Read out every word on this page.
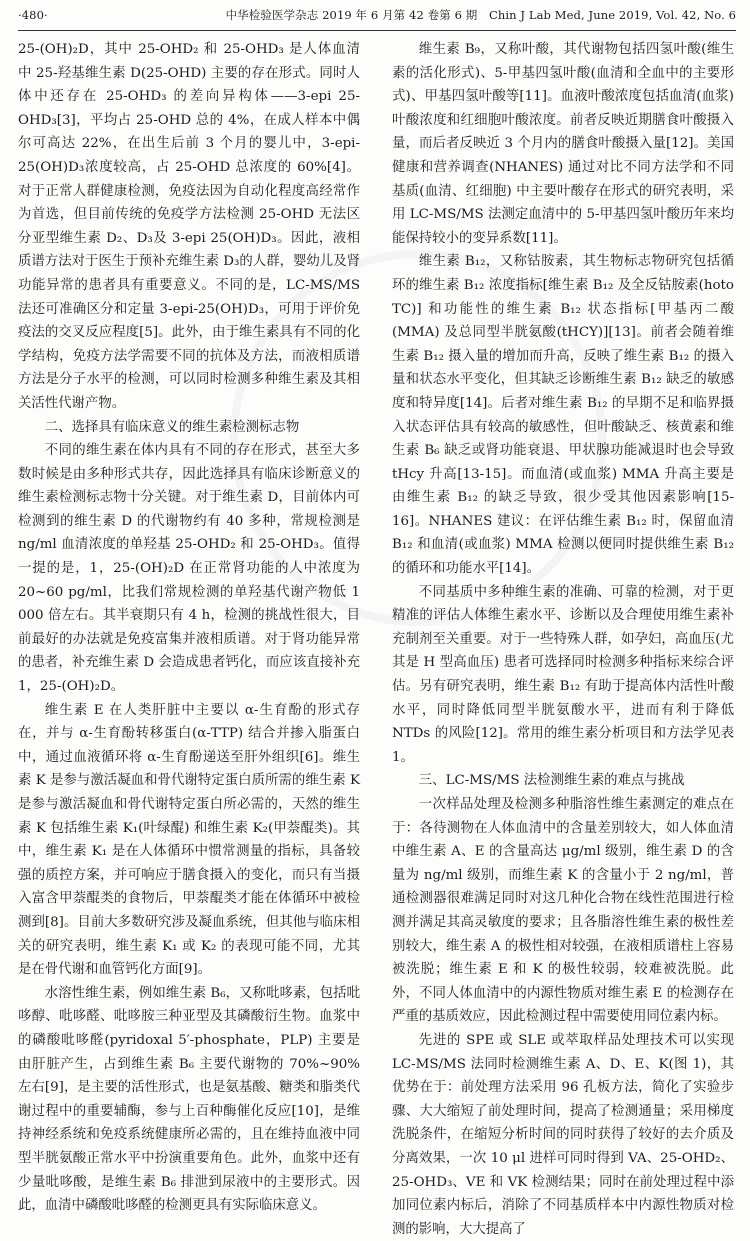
·480·	中华检验医学杂志 2019 年 6 月第 42 卷第 6 期　Chin J Lab Med, June 2019, Vol. 42, No. 6

25-(OH)₂D，其中 25-OHD₂ 和 25-OHD₃ 是人体血清中 25-羟基维生素 D(25-OHD) 主要的存在形式。同时人体中还存在 25-OHD₃ 的差向异构体——3-epi 25-OHD₃[3]，平均占 25-OHD 总的 4%，在成人样本中偶尔可高达 22%，在出生后前 3 个月的婴儿中，3-epi-25(OH)D₃浓度较高，占 25-OHD 总浓度的 60%[4]。对于正常人群健康检测，免疫法因为自动化程度高经常作为首选，但目前传统的免疫学方法检测 25-OHD 无法区分亚型维生素 D₂、D₃及 3-epi 25(OH)D₃。因此，液相质谱方法对于医生于预补充维生素 D₃的人群，婴幼儿及肾功能异常的患者具有重要意义。不同的是，LC-MS/MS 法还可准确区分和定量 3-epi-25(OH)D₃，可用于评价免疫法的交叉反应程度[5]。此外，由于维生素具有不同的化学结构，免疫方法学需要不同的抗体及方法，而液相质谱方法是分子水平的检测，可以同时检测多种维生素及其相关活性代谢产物。

二、选择具有临床意义的维生素检测标志物

不同的维生素在体内具有不同的存在形式，甚至大多数时候是由多种形式共存，因此选择具有临床诊断意义的维生素检测标志物十分关键。对于维生素 D，目前体内可检测到的维生素 D 的代谢物约有 40 多种，常规检测是 ng/ml 血清浓度的单羟基 25-OHD₂ 和 25-OHD₃。值得一提的是，1，25-(OH)₂D 在正常肾功能的人中浓度为 20~60 pg/ml，比我们常规检测的单羟基代谢产物低 1 000 倍左右。其半衰期只有 4 h，检测的挑战性很大，目前最好的办法就是免疫富集并液相质谱。对于肾功能异常的患者，补充维生素 D 会造成患者钙化，而应该直接补充 1，25-(OH)₂D。

维生素 E 在人类肝脏中主要以 α-生育酚的形式存在，并与 α-生育酚转移蛋白(α-TTP) 结合并掺入脂蛋白中，通过血液循环将 α-生育酚递送至肝外组织[6]。维生素 K 是参与激活凝血和骨代谢特定蛋白质所需的维生素 K 是参与激活凝血和骨代谢特定蛋白所必需的，天然的维生素 K 包括维生素 K₁(叶绿醌) 和维生素 K₂(甲萘醌类)。其中，维生素 K₁ 是在人体循环中惯常测量的指标，具备较强的质控方案，并可响应于膳食摄入的变化，而只有当摄入富含甲萘醌类的食物后，甲萘醌类才能在体循环中被检测到[8]。目前大多数研究涉及凝血系统，但其他与临床相关的研究表明，维生素 K₁ 或 K₂ 的表现可能不同，尤其是在骨代谢和血管钙化方面[9]。

水溶性维生素，例如维生素 B₆，又称吡哆素，包括吡哆醇、吡哆醛、吡哆胺三种亚型及其磷酸衍生物。血浆中的磷酸吡哆醛(pyridoxal 5′-phosphate，PLP) 主要是由肝脏产生，占到维生素 B₆ 主要代谢物的 70%~90% 左右[9]，是主要的活性形式，也是氨基酸、糖类和脂类代谢过程中的重要辅酶，参与上百种酶催化反应[10]，是维持神经系统和免疫系统健康所必需的，且在维持血液中同型半胱氨酸正常水平中扮演重要角色。此外，血浆中还有少量吡哆酸，是维生素 B₆ 排泄到尿液中的主要形式。因此，血清中磷酸吡哆醛的检测更具有实际临床意义。

维生素 B₉，又称叶酸，其代谢物包括四氢叶酸(维生素的活化形式)、5-甲基四氢叶酸(血清和全血中的主要形式)、甲基四氢叶酸等[11]。血液叶酸浓度包括血清(血浆)叶酸浓度和红细胞叶酸浓度。前者反映近期膳食叶酸摄入量，而后者反映近 3 个月内的膳食叶酸摄入量[12]。美国健康和营养调查(NHANES) 通过对比不同方法学和不同基质(血清、红细胞) 中主要叶酸存在形式的研究表明，采用 LC-MS/MS 法测定血清中的 5-甲基四氢叶酸历年来均能保持较小的变异系数[11]。

维生素 B₁₂，又称钴胺素，其生物标志物研究包括循环的维生素 B₁₂ 浓度指标[维生素 B₁₂ 及全反钴胺素(hoto TC)] 和功能性的维生素 B₁₂ 状态指标[甲基丙二酸(MMA) 及总同型半胱氨酸(tHCY)][13]。前者会随着维生素 B₁₂ 摄入量的增加而升高，反映了维生素 B₁₂ 的摄入量和状态水平变化，但其缺乏诊断维生素 B₁₂ 缺乏的敏感度和特异度[14]。后者对维生素 B₁₂ 的早期不足和临界摄入状态评估具有较高的敏感性，但叶酸缺乏、核黄素和维生素 B₆ 缺乏或肾功能衰退、甲状腺功能减退时也会导致 tHcy 升高[13-15]。而血清(或血浆) MMA 升高主要是由维生素 B₁₂ 的缺乏导致，很少受其他因素影响[15-16]。NHANES 建议：在评估维生素 B₁₂ 时，保留血清 B₁₂ 和血清(或血浆) MMA 检测以便同时提供维生素 B₁₂ 的循环和功能水平[14]。

不同基质中多种维生素的准确、可靠的检测，对于更精准的评估人体维生素水平、诊断以及合理使用维生素补充制剂至关重要。对于一些特殊人群，如孕妇，高血压(尤其是 H 型高血压) 患者可选择同时检测多种指标来综合评估。另有研究表明，维生素 B₁₂ 有助于提高体内活性叶酸水平，同时降低同型半胱氨酸水平，进而有利于降低 NTDs 的风险[12]。常用的维生素分析项目和方法学见表 1。

三、LC-MS/MS 法检测维生素的难点与挑战

一次样品处理及检测多种脂溶性维生素测定的难点在于：各待测物在人体血清中的含量差别较大，如人体血清中维生素 A、E 的含量高达 μg/ml 级别，维生素 D 的含量为 ng/ml 级别，而维生素 K 的含量小于 2 ng/ml，普通检测器很难满足同时对这几种化合物在线性范围进行检测并满足其高灵敏度的要求；且各脂溶性维生素的极性差别较大，维生素 A 的极性相对较强，在液相质谱柱上容易被洗脱；维生素 E 和 K 的极性较弱，较难被洗脱。此外，不同人体血清中的内源性物质对维生素 E 的检测存在严重的基质效应，因此检测过程中需要使用同位素内标。

先进的 SPE 或 SLE 或萃取样品处理技术可以实现 LC-MS/MS 法同时检测维生素 A、D、E、K(图 1)，其优势在于：前处理方法采用 96 孔板方法，简化了实验步骤、大大缩短了前处理时间，提高了检测通量；采用梯度洗脱条件，在缩短分析时间的同时获得了较好的去介质及分离效果，一次 10 μl 进样可同时得到 VA、25-OHD₂、25-OHD₃、VE 和 VK 检测结果；同时在前处理过程中添加同位素内标后，消除了不同基质样本中内源性物质对检测的影响，大大提高了
